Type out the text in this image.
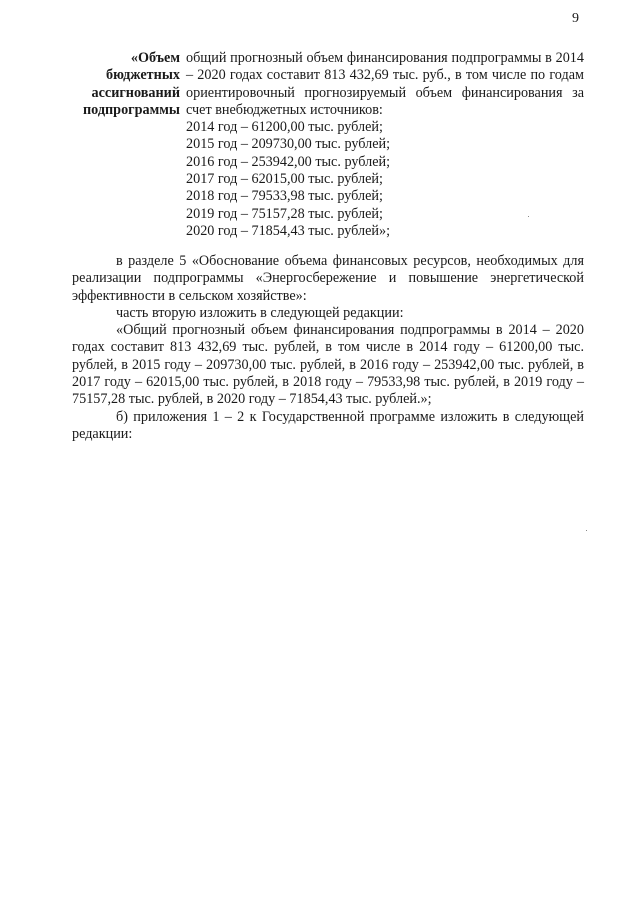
9
«Объем
бюджетных
ассигнований
подпрограммы
общий прогнозный объем финансирования подпрограммы в 2014 – 2020 годах составит 813 432,69 тыс. руб., в том числе по годам ориентировочный прогнозируемый объем финансирования за счет внебюджетных источников:
2014 год – 61200,00 тыс. рублей;
2015 год – 209730,00 тыс. рублей;
2016 год – 253942,00 тыс. рублей;
2017 год – 62015,00 тыс. рублей;
2018 год – 79533,98 тыс. рублей;
2019 год – 75157,28 тыс. рублей;
2020 год – 71854,43 тыс. рублей»;

в разделе 5 «Обоснование объема финансовых ресурсов, необходимых для реализации подпрограммы «Энергосбережение и повышение энергетической эффективности в сельском хозяйстве»:

часть вторую изложить в следующей редакции:

«Общий прогнозный объем финансирования подпрограммы в 2014 – 2020 годах составит 813 432,69 тыс. рублей, в том числе в 2014 году – 61200,00 тыс. рублей, в 2015 году – 209730,00 тыс. рублей, в 2016 году – 253942,00 тыс. рублей, в 2017 году – 62015,00 тыс. рублей, в 2018 году – 79533,98 тыс. рублей, в 2019 году – 75157,28 тыс. рублей, в 2020 году – 71854,43 тыс. рублей.»;

б) приложения 1 – 2 к Государственной программе изложить в следующей редакции:
